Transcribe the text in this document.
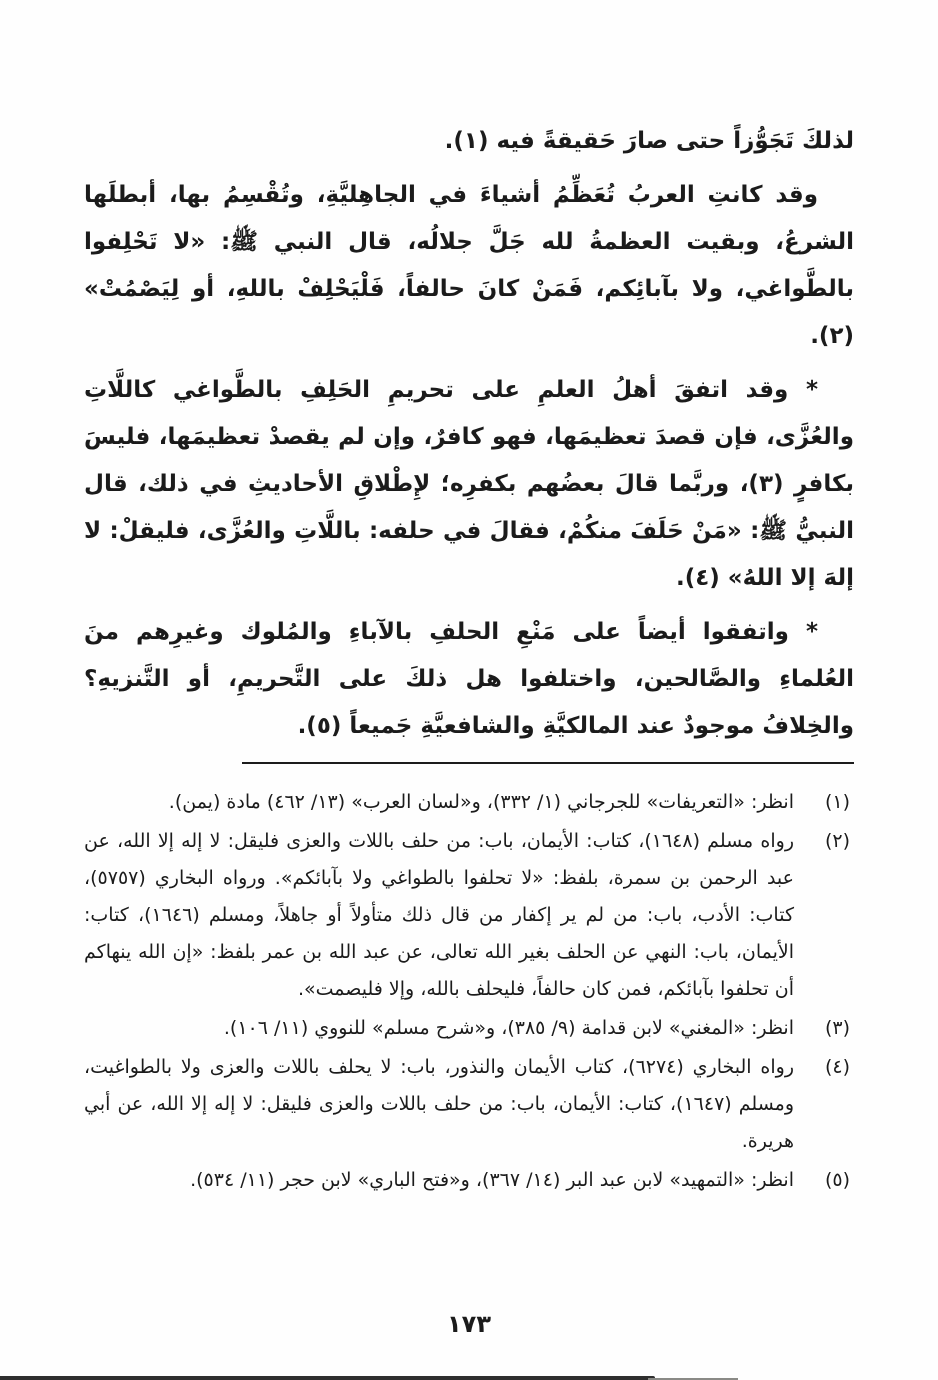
لذلكَ تَجَوُّزاً حتى صارَ حَقيقةً فيه (١).

وقد كانتِ العربُ تُعَظِّمُ أشياءَ في الجاهِليَّةِ، وتُقْسِمُ بها، أبطلَها الشرعُ، وبقيت العظمةُ لله جَلَّ جلالُه، قال النبي ﷺ: «لا تَحْلِفوا بالطَّواغي، ولا بآبائِكم، فَمَنْ كانَ حالفاً، فَلْيَحْلِفْ باللهِ، أو لِيَصْمُتْ» (٢).

* وقد اتفقَ أهلُ العلمِ على تحريمِ الحَلِفِ بالطَّواغي كاللَّاتِ والعُزَّى، فإن قصدَ تعظيمَها، فهو كافرٌ، وإن لم يقصدْ تعظيمَها، فليسَ بكافرٍ (٣)، وربَّما قالَ بعضُهم بكفرِه؛ لإِطْلاقِ الأحاديثِ في ذلك، قال النبيُّ ﷺ: «مَنْ حَلَفَ منكُمْ، فقالَ في حلفه: باللَّاتِ والعُزَّى، فليقلْ: لا إلهَ إلا اللهُ» (٤).

* واتفقوا أيضاً على مَنْعِ الحلفِ بالآباءِ والمُلوك وغيرِهم منَ العُلماءِ والصَّالحين، واختلفوا هل ذلكَ على التَّحريمِ، أو التَّنزيهِ؟ والخِلافُ موجودٌ عند المالكيَّةِ والشافعيَّةِ جَميعاً (٥).

(١)
انظر: «التعريفات» للجرجاني (١/ ٣٣٢)، و«لسان العرب» (١٣/ ٤٦٢) مادة (يمن).
(٢)
رواه مسلم (١٦٤٨)، كتاب: الأيمان، باب: من حلف باللات والعزى فليقل: لا إله إلا الله، عن عبد الرحمن بن سمرة، بلفظ: «لا تحلفوا بالطواغي ولا بآبائكم». ورواه البخاري (٥٧٥٧)، كتاب: الأدب، باب: من لم ير إكفار من قال ذلك متأولاً أو جاهلاً، ومسلم (١٦٤٦)، كتاب: الأيمان، باب: النهي عن الحلف بغير الله تعالى، عن عبد الله بن عمر بلفظ: «إن الله ينهاكم أن تحلفوا بآبائكم، فمن كان حالفاً، فليحلف بالله، وإلا فليصمت».
(٣)
انظر: «المغني» لابن قدامة (٩/ ٣٨٥)، و«شرح مسلم» للنووي (١١/ ١٠٦).
(٤)
رواه البخاري (٦٢٧٤)، كتاب الأيمان والنذور، باب: لا يحلف باللات والعزى ولا بالطواغيت، ومسلم (١٦٤٧)، كتاب: الأيمان، باب: من حلف باللات والعزى فليقل: لا إله إلا الله، عن أبي هريرة.
(٥)
انظر: «التمهيد» لابن عبد البر (١٤/ ٣٦٧)، و«فتح الباري» لابن حجر (١١/ ٥٣٤).
١٧٣
